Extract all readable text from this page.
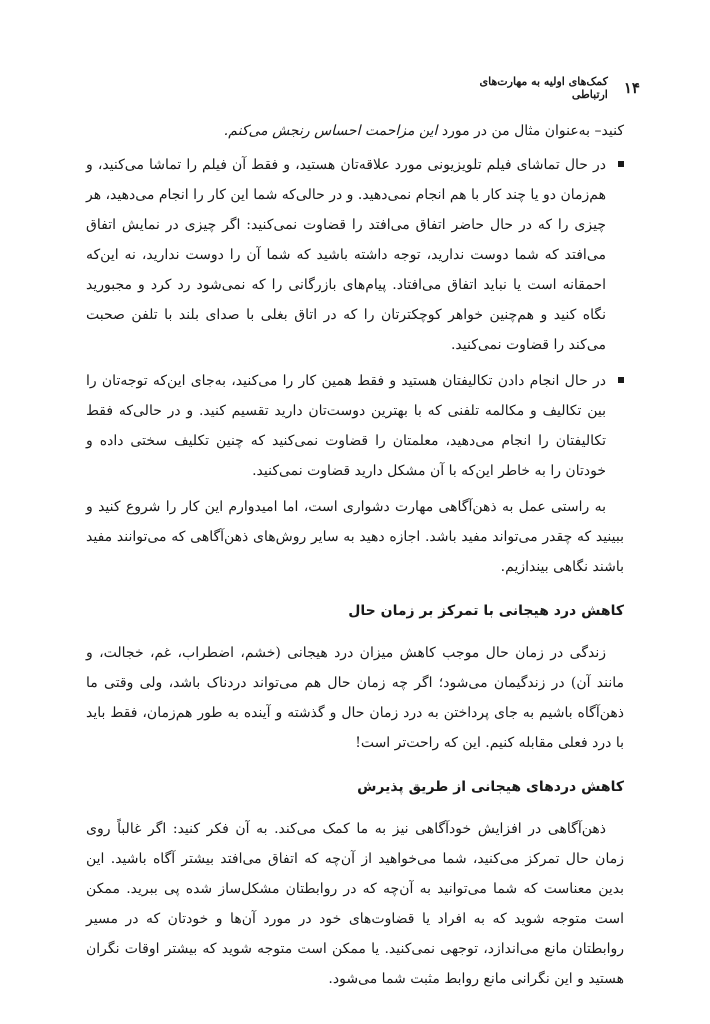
۱۴
کمک‌های اولیه به مهارت‌های ارتباطی

کنید– به‌عنوان مثال من در مورد این مزاحمت احساس رنجش می‌کنم.

در حال تماشای فیلم تلویزیونی مورد علاقه‌تان هستید، و فقط آن فیلم را تماشا می‌کنید، و هم‌زمان دو یا چند کار با هم انجام نمی‌دهید. و در حالی‌که شما این کار را انجام می‌دهید، هر چیزی را که در حال حاضر اتفاق می‌افتد را قضاوت نمی‌کنید: اگر چیزی در نمایش اتفاق می‌افتد که شما دوست ندارید، توجه داشته باشید که شما آن را دوست ندارید، نه این‌که احمقانه است یا نباید اتفاق می‌افتاد. پیام‌های بازرگانی را که نمی‌شود رد کرد و مجبورید نگاه کنید و هم‌چنین خواهر کوچکترتان را که در اتاق بغلی با صدای بلند با تلفن صحبت می‌کند را قضاوت نمی‌کنید.
در حال انجام دادن تکالیفتان هستید و فقط همین کار را می‌کنید، به‌جای این‌که توجه‌تان را بین تکالیف و مکالمه تلفنی که با بهترین دوست‌تان دارید تقسیم کنید. و در حالی‌که فقط تکالیفتان را انجام می‌دهید، معلمتان را قضاوت نمی‌کنید که چنین تکلیف سختی داده و خودتان را به خاطر این‌که با آن مشکل دارید قضاوت نمی‌کنید.

به راستی عمل به ذهن‌آگاهی مهارت دشواری است، اما امیدوارم این کار را شروع کنید و ببینید که چقدر می‌تواند مفید باشد. اجازه دهید به سایر روش‌های ذهن‌آگاهی که می‌توانند مفید باشند نگاهی بیندازیم.

کاهش درد هیجانی با تمرکز بر زمان حال

زندگی در زمان حال موجب کاهش میزان درد هیجانی (خشم، اضطراب، غم، خجالت، و مانند آن) در زندگیمان می‌شود؛ اگر چه زمان حال هم می‌تواند دردناک باشد، ولی وقتی ما ذهن‌آگاه باشیم به جای پرداختن به درد زمان حال و گذشته و آینده به طور هم‌زمان، فقط باید با درد فعلی مقابله کنیم. این که راحت‌تر است!

کاهش دردهای هیجانی از طریق پذیرش

ذهن‌آگاهی در افزایش خودآگاهی نیز به ما کمک می‌کند. به آن فکر کنید: اگر غالباً روی زمان حال تمرکز می‌کنید، شما می‌خواهید از آن‌چه که اتفاق می‌افتد بیشتر آگاه باشید. این بدین معناست که شما می‌توانید به آن‌چه که در روابطتان مشکل‌ساز شده پی ببرید. ممکن است متوجه شوید که به افراد یا قضاوت‌های خود در مورد آن‌ها و خودتان که در مسیر روابطتان مانع می‌اندازد، توجهی نمی‌کنید. یا ممکن است متوجه شوید که بیشتر اوقات نگران هستید و این نگرانی مانع روابط مثبت شما می‌شود.
